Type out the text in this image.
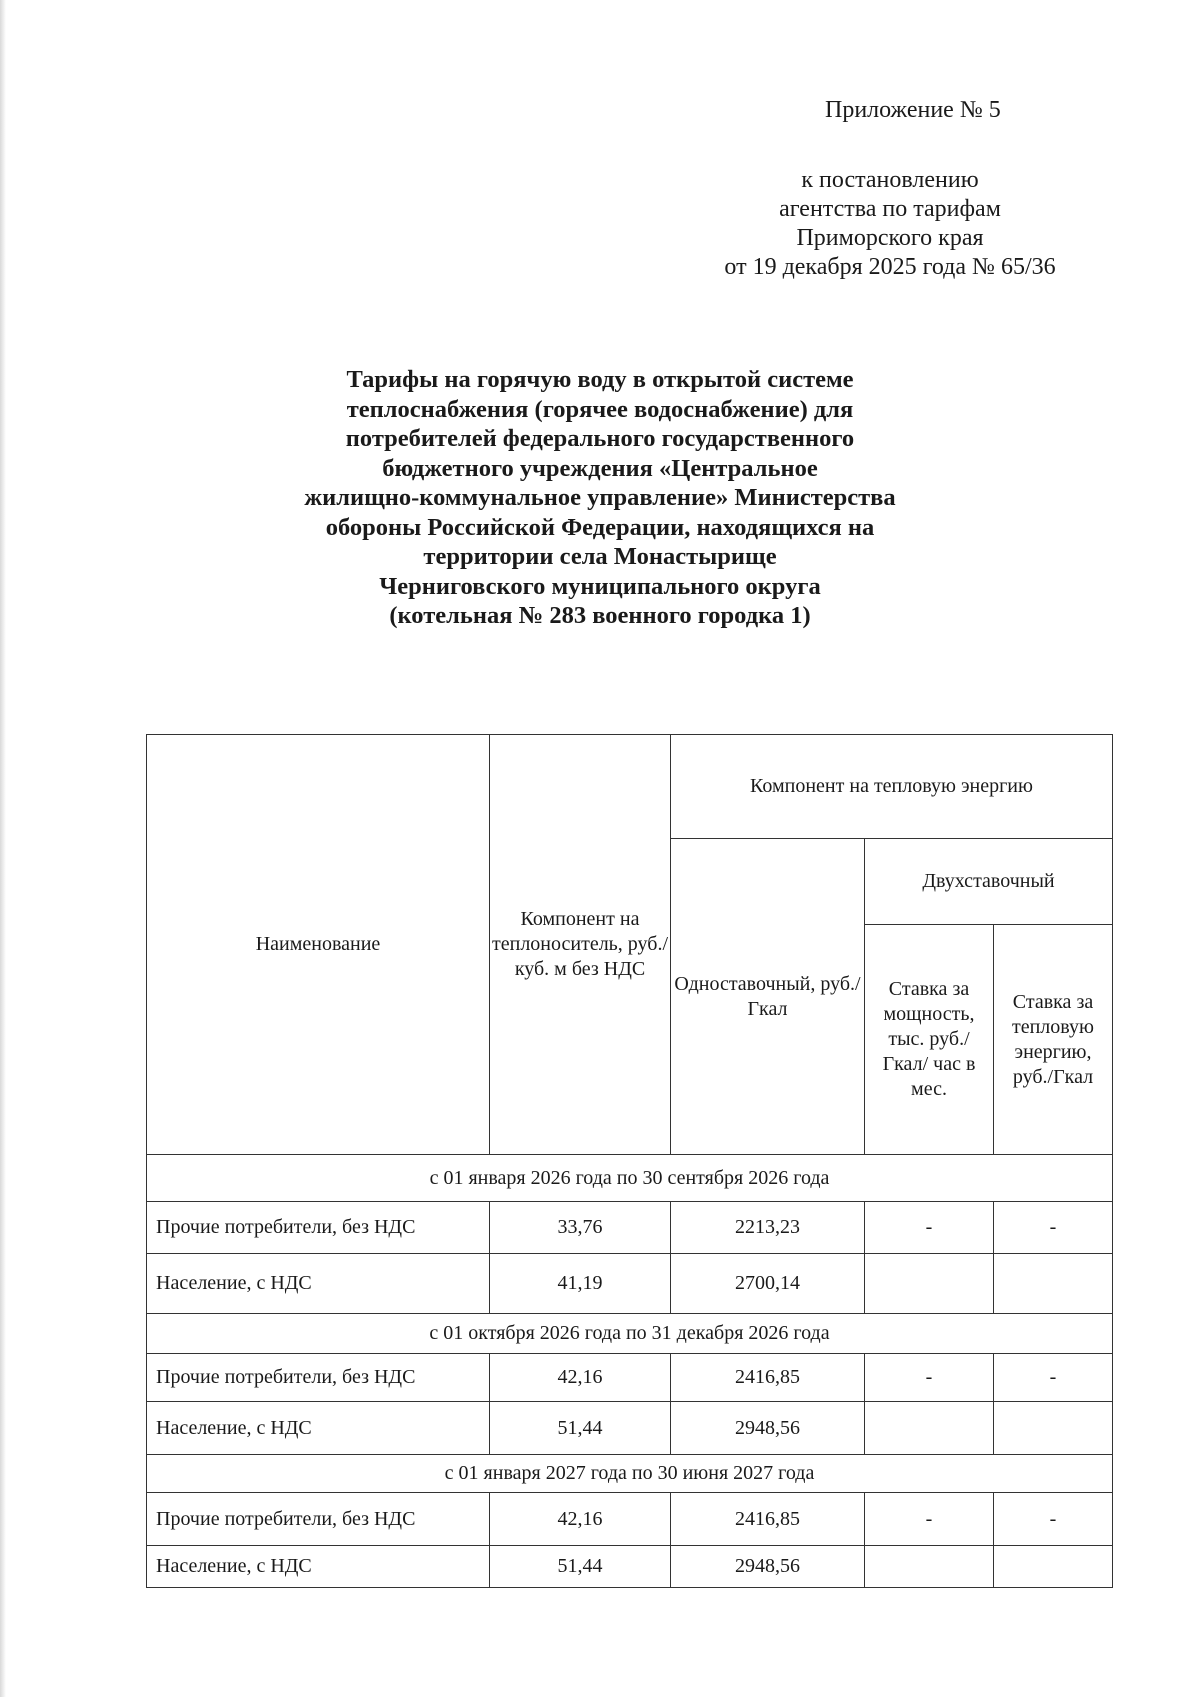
Приложение № 5
к постановлению
агентства по тарифам
Приморского края
от 19 декабря 2025 года № 65/36
Тарифы на горячую воду в открытой системе
теплоснабжения (горячее водоснабжение) для
потребителей федерального государственного
бюджетного учреждения «Центральное
жилищно-коммунальное управление» Министерства
обороны Российской Федерации, находящихся на
территории села Монастырище
Черниговского муниципального округа
(котельная № 283 военного городка 1)
Наименование	Компонент на теплоноситель, руб./куб. м без НДС	Компонент на тепловую энергию		

		Одноставочный, руб./Гкал	Двухставочный	

			Ставка за мощность, тыс. руб./Гкал/ час в мес.	Ставка за тепловую энергию, руб./Гкал

с 01 января 2026 года по 30 сентября 2026 года				
Прочие потребители, без НДС	33,76	2213,23	-	-
Население, с НДС	41,19	2700,14		
с 01 октября 2026 года по 31 декабря 2026 года				
Прочие потребители, без НДС	42,16	2416,85	-	-
Население, с НДС	51,44	2948,56		
с 01 января 2027 года по 30 июня 2027 года				
Прочие потребители, без НДС	42,16	2416,85	-	-
Население, с НДС	51,44	2948,56		
